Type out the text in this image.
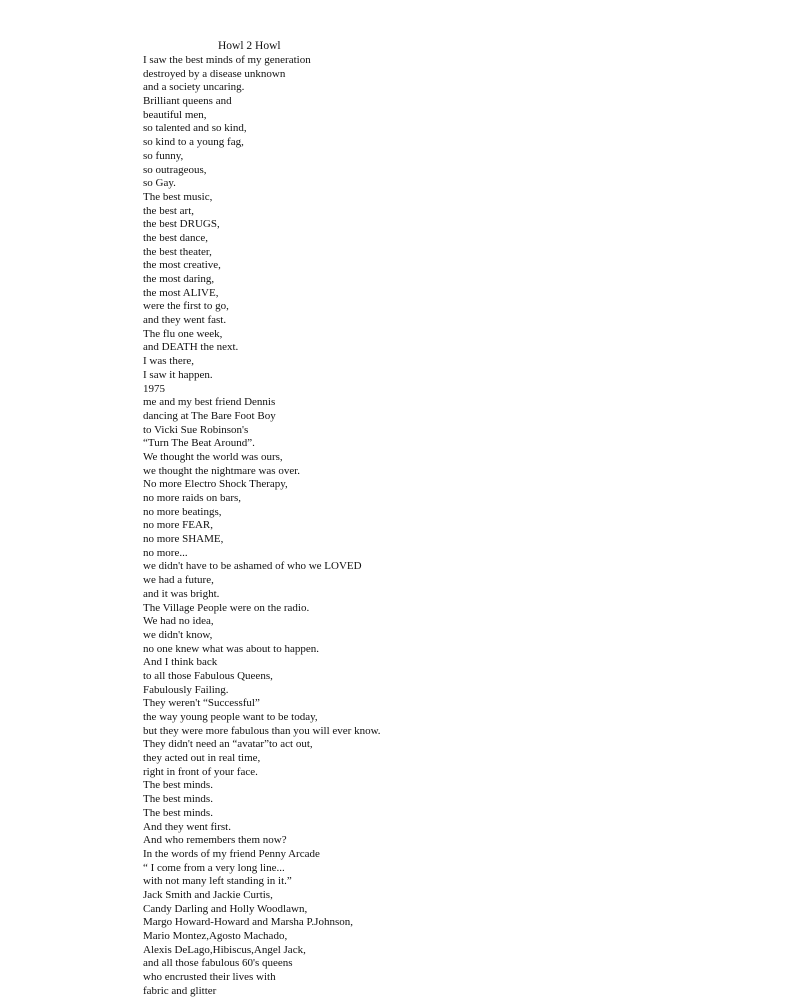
Howl 2 Howl
I saw the best minds of my generation
destroyed by a disease unknown
and a society uncaring.
Brilliant queens and
beautiful men,
so talented and so kind,
so kind to a young fag,
so funny,
so outrageous,
so Gay.
The best music,
the best art,
the best DRUGS,
the best dance,
the best theater,
the most creative,
the most daring,
the most ALIVE,
were the first to go,
and they went fast.
The flu one week,
and DEATH the next.
I was there,
I saw it happen.
1975
me and my best friend Dennis
dancing at The Bare Foot Boy
to Vicki Sue Robinson's
“Turn The Beat Around”.
We thought the world was ours,
we thought the nightmare was over.
No more Electro Shock Therapy,
no more raids on bars,
no more beatings,
no more FEAR,
no more SHAME,
no more...
we didn't have to be ashamed of who we LOVED
we had a future,
and it was bright.
The Village People were on the radio.
We had no idea,
we didn't know,
no one knew what was about to happen.
And I think back
to all those Fabulous Queens,
Fabulously Failing.
They weren't “Successful”
the way young people want to be today,
but they were more fabulous than you will ever know.
They didn't need an “avatar”to act out,
they acted out in real time,
right in front of your face.
The best minds.
The best minds.
The best minds.
And they went first.
And who remembers them now?
In the words of my friend Penny Arcade
“ I come from a very long line...
with not many left standing in it.”
Jack Smith and Jackie Curtis,
Candy Darling and Holly Woodlawn,
Margo Howard-Howard and Marsha P.Johnson,
Mario Montez,Agosto Machado,
Alexis DeLago,Hibiscus,Angel Jack,
and all those fabulous 60's queens
who encrusted their lives with
fabric and glitter
